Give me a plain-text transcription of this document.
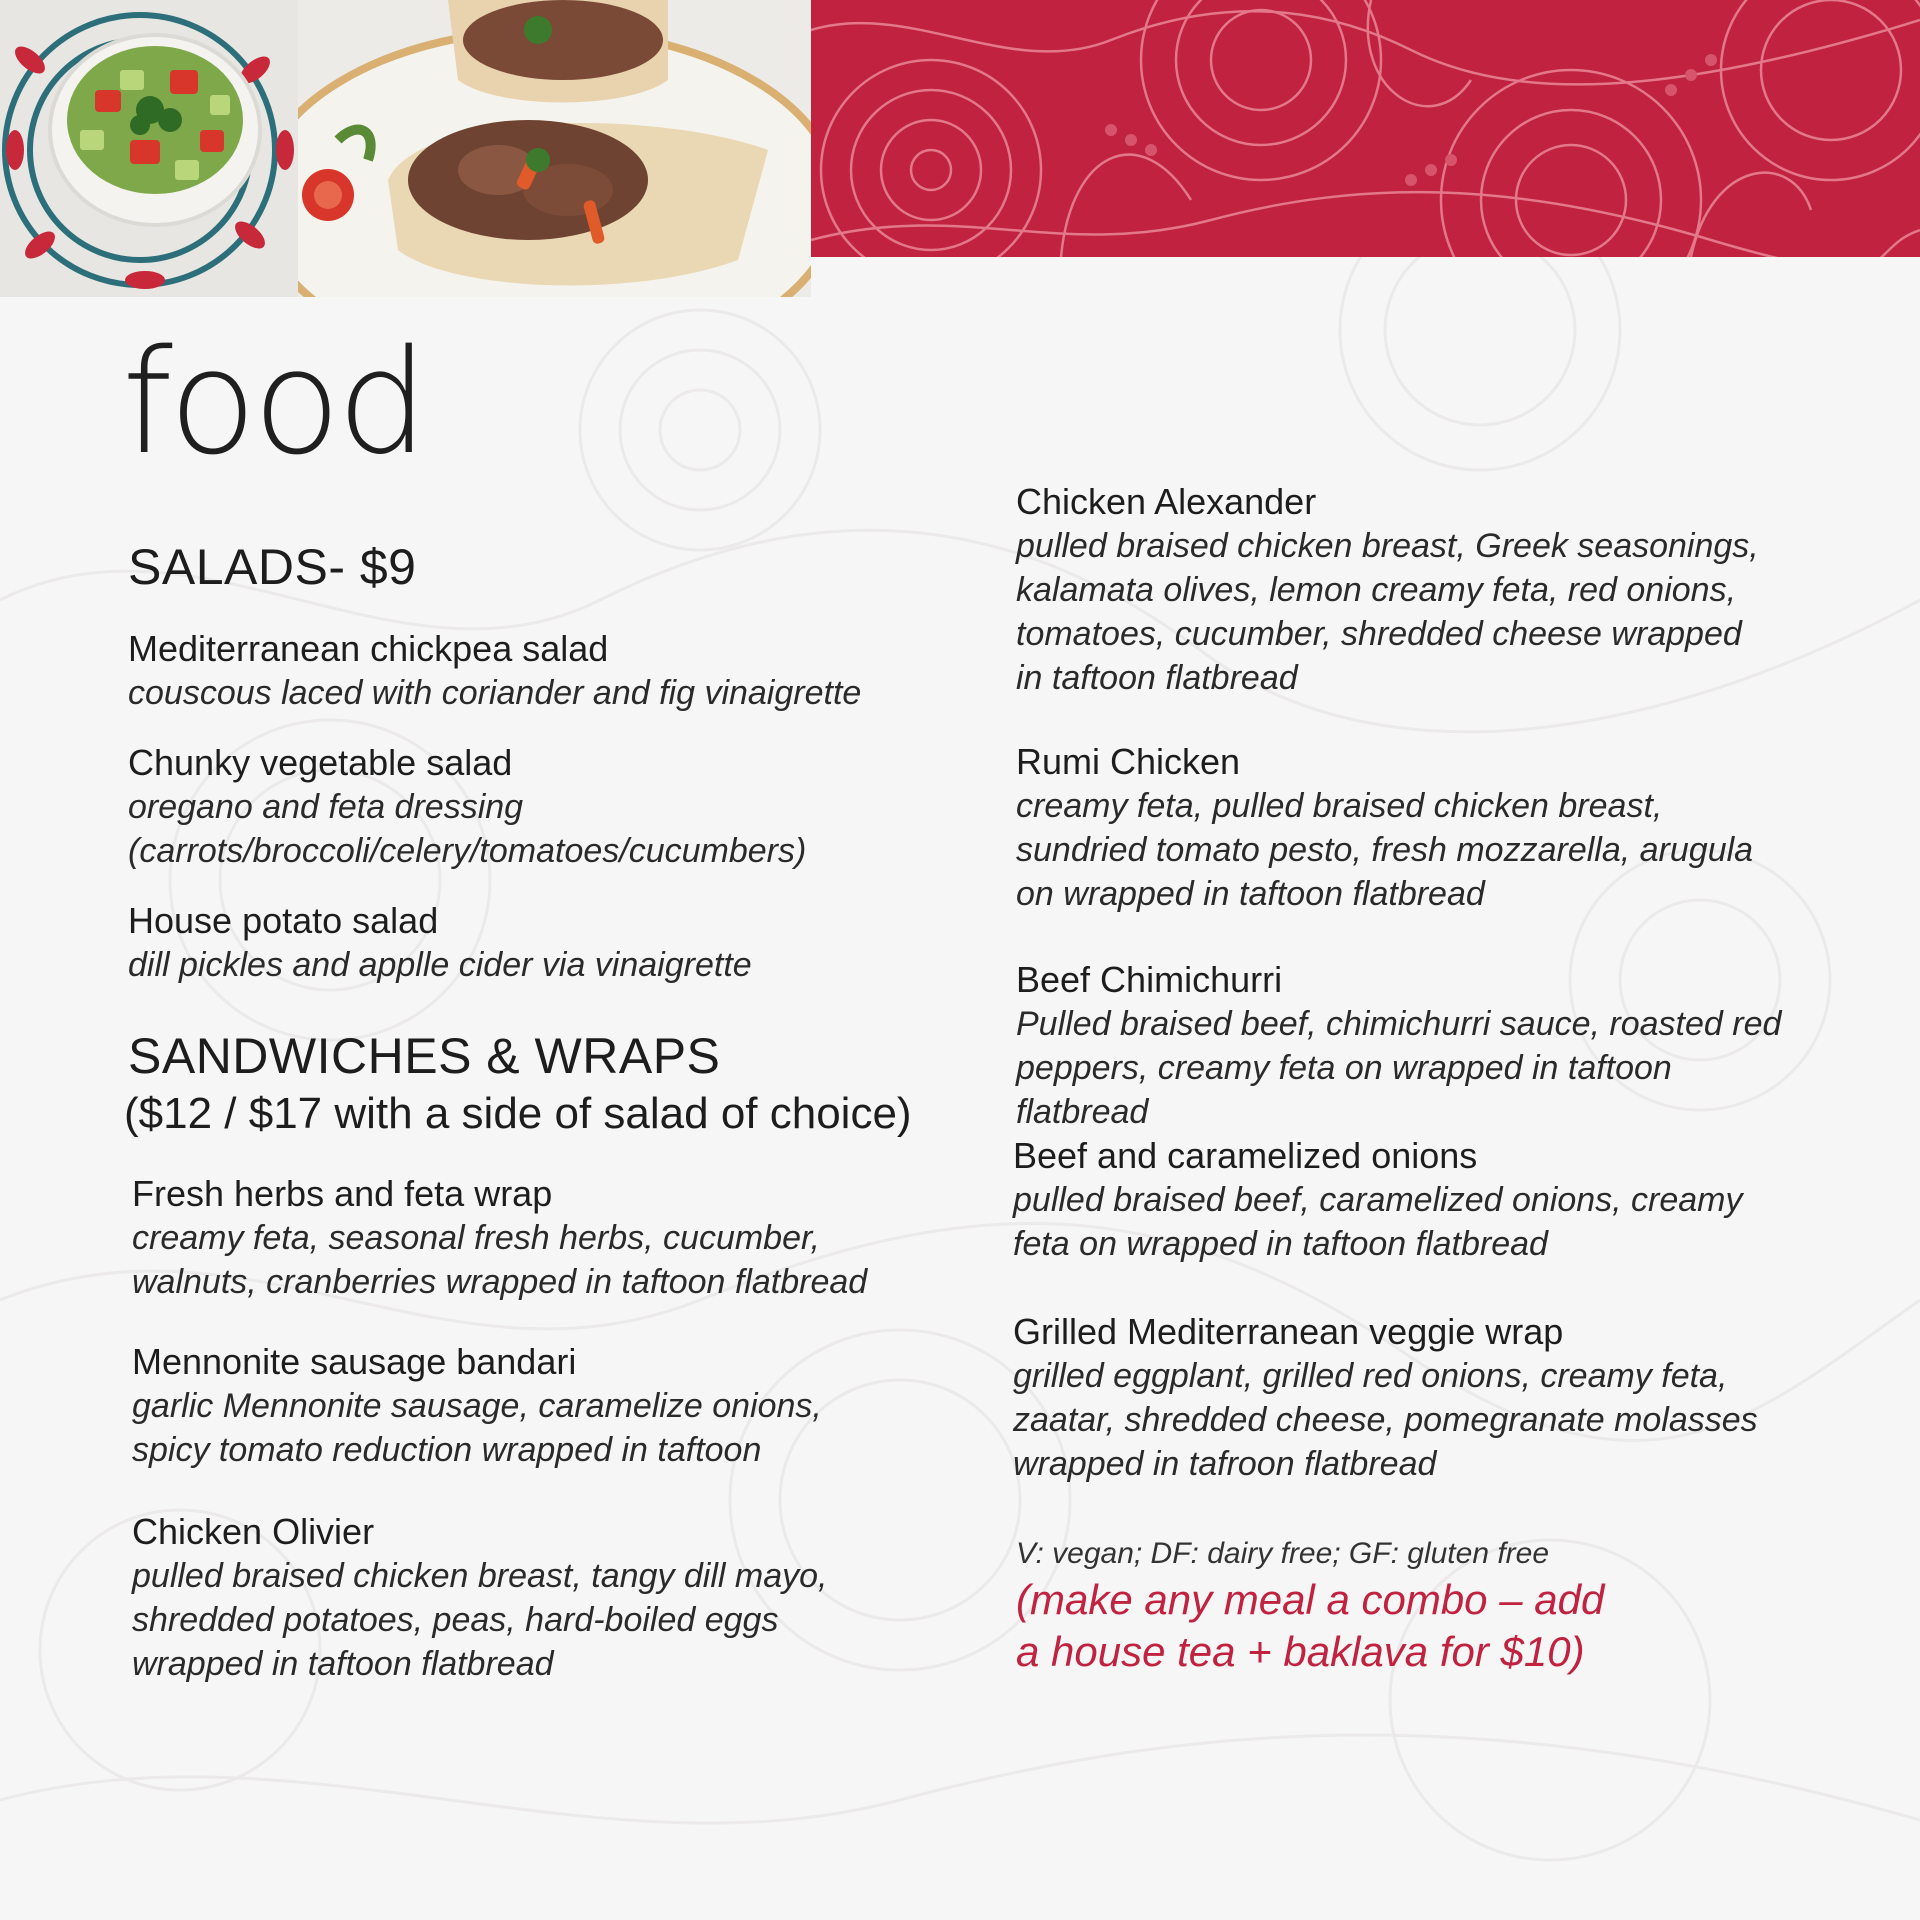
food
SALADS- $9

Mediterranean chickpea salad

couscous laced with coriander and fig vinaigrette

Chunky vegetable salad

oregano and feta dressing
(carrots/broccoli/celery/tomatoes/cucumbers)

House potato salad

dill pickles and applle cider via vinaigrette

SANDWICHES & WRAPS

($12 / $17 with a side of salad of choice)

Fresh herbs and feta wrap

creamy feta, seasonal fresh herbs, cucumber,
walnuts, cranberries wrapped in taftoon flatbread

Mennonite sausage bandari

garlic Mennonite sausage, caramelize onions,
spicy tomato reduction wrapped in taftoon

Chicken Olivier

pulled braised chicken breast, tangy dill mayo,
shredded potatoes, peas, hard-boiled eggs
wrapped in taftoon flatbread

Chicken Alexander

pulled braised chicken breast, Greek seasonings,
kalamata olives, lemon creamy feta, red onions,
tomatoes, cucumber, shredded cheese wrapped
in taftoon flatbread

Rumi Chicken

creamy feta, pulled braised chicken breast,
sundried tomato pesto, fresh mozzarella, arugula
on wrapped in taftoon flatbread

Beef Chimichurri

Pulled braised beef, chimichurri sauce, roasted red
peppers, creamy feta on wrapped in taftoon
flatbread

Beef and caramelized onions

pulled braised beef, caramelized onions, creamy
feta on wrapped in taftoon flatbread

Grilled Mediterranean veggie wrap

grilled eggplant, grilled red onions, creamy feta,
zaatar, shredded cheese, pomegranate molasses
wrapped in tafroon flatbread

V: vegan; DF: dairy free; GF: gluten free

(make any meal a combo – add
a house tea + baklava for $10)
